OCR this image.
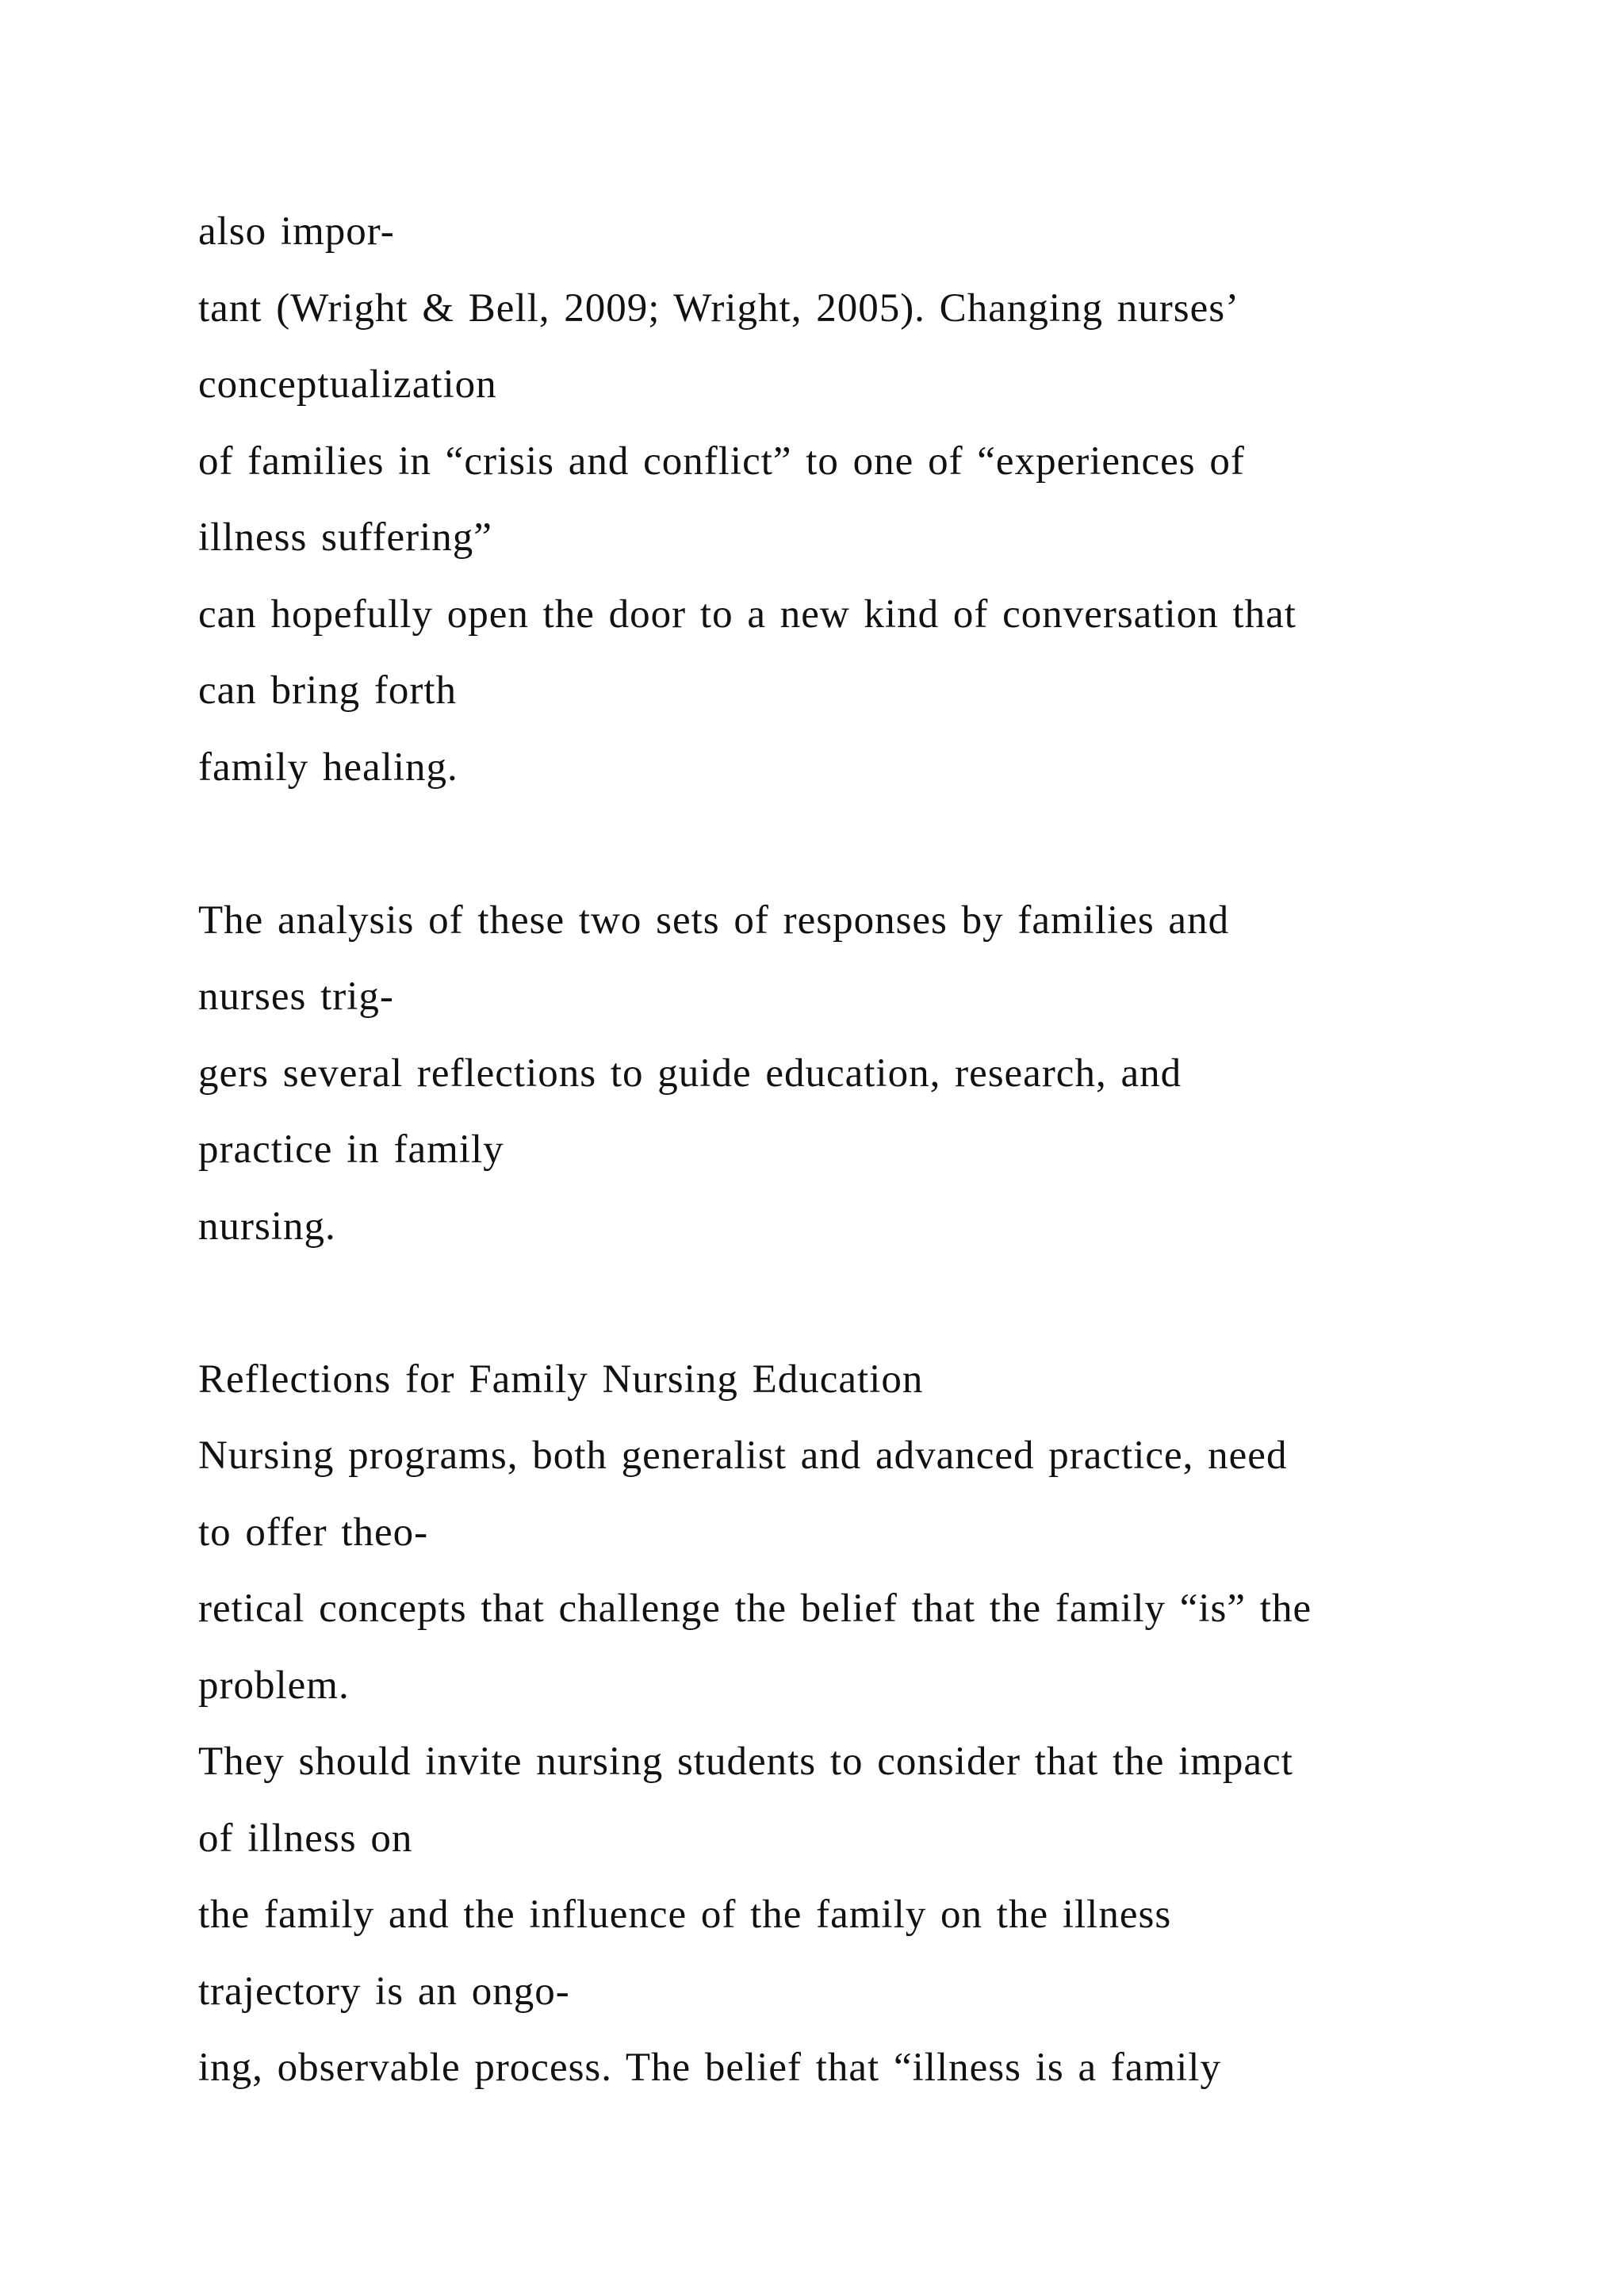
also impor-
tant (Wright & Bell, 2009; Wright, 2005). Changing nurses’
conceptualization
of families in “crisis and conflict” to one of “experiences of
illness suffering”
can hopefully open the door to a new kind of conversation that
can bring forth
family healing.
The analysis of these two sets of responses by families and
nurses trig-
gers several reflections to guide education, research, and
practice in family
nursing.
Reflections for Family Nursing Education
Nursing programs, both generalist and advanced practice, need
to offer theo-
retical concepts that challenge the belief that the family “is” the
problem.
They should invite nursing students to consider that the impact
of illness on
the family and the influence of the family on the illness
trajectory is an ongo-
ing, observable process. The belief that “illness is a family
